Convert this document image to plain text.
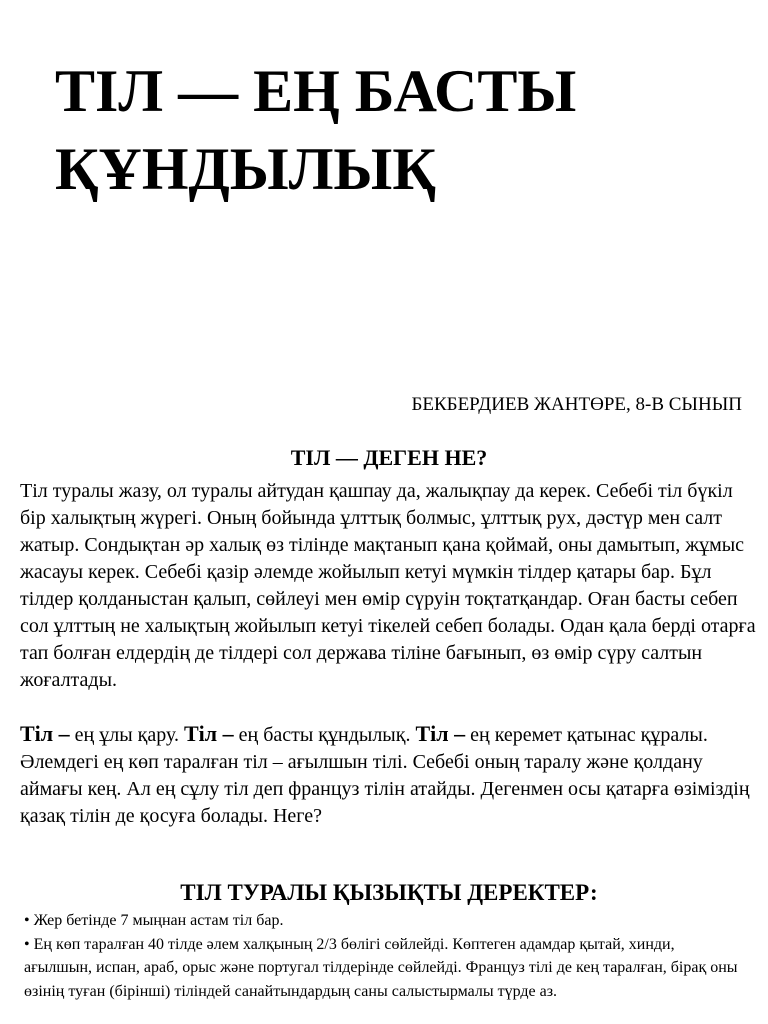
ТІЛ — ЕҢ БАСТЫ
ҚҰНДЫЛЫҚ

БЕКБЕРДИЕВ ЖАНТӨРЕ, 8-В СЫНЫП

ТІЛ — ДЕГЕН НЕ?

Тіл туралы жазу, ол туралы айтудан қашпау да, жалықпау да керек. Себебі тіл бүкіл бір халықтың жүрегі. Оның бойында ұлттық болмыс, ұлттық рух, дәстүр мен салт жатыр. Сондықтан әр халық өз тілінде мақтанып қана қоймай, оны дамытып, жұмыс жасауы керек. Себебі қазір әлемде жойылып кетуі мүмкін тілдер қатары бар. Бұл тілдер қолданыстан қалып, сөйлеуі мен өмір сүруін тоқтатқандар. Оған басты себеп сол ұлттың не халықтың жойылып кетуі тікелей себеп болады. Одан қала берді отарға тап болған елдердің де тілдері сол держава тіліне бағынып, өз өмір сүру салтын жоғалтады.

Тіл – ең ұлы қару. Тіл – ең басты құндылық. Тіл – ең керемет қатынас құралы. Әлемдегі ең көп таралған тіл – ағылшын тілі. Себебі оның таралу және қолдану аймағы кең. Ал ең сұлу тіл деп француз тілін атайды. Дегенмен осы қатарға өзіміздің қазақ тілін де қосуға болады. Неге?

ТІЛ ТУРАЛЫ ҚЫЗЫҚТЫ ДЕРЕКТЕР:
• Жер бетінде 7 мыңнан астам тіл бар.
• Ең көп таралған 40 тілде әлем халқының 2/3 бөлігі сөйлейді. Көптеген адамдар қытай, хинди, ағылшын, испан, араб, орыс және португал тілдерінде сөйлейді. Француз тілі де кең таралған, бірақ оны өзінің туған (бірінші) тіліндей санайтындардың саны салыстырмалы түрде аз.
